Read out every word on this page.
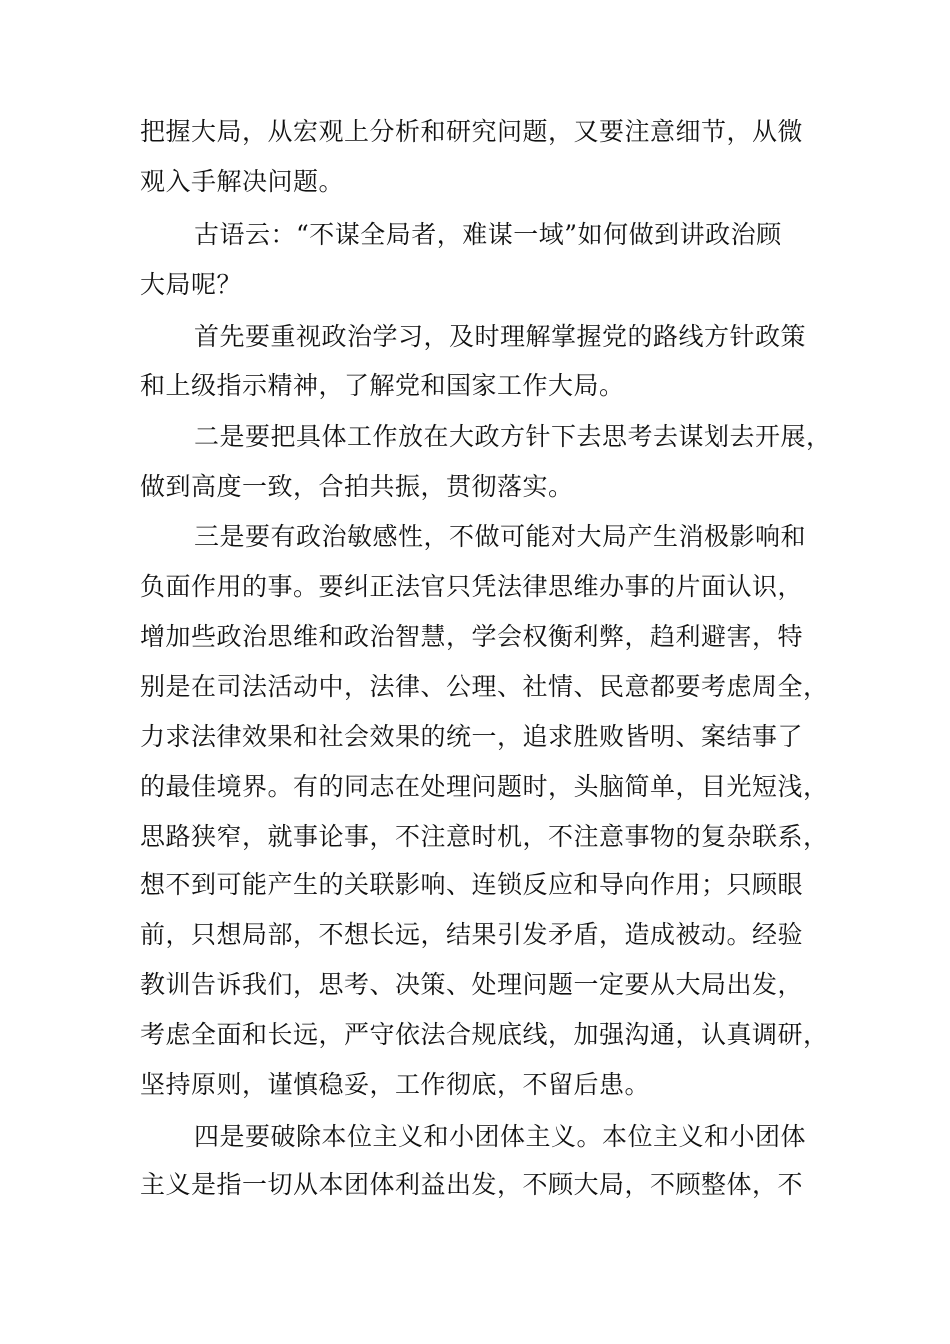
把握大局，从宏观上分析和研究问题，又要注意细节，从微
观入手解决问题。
古语云：“不谋全局者，难谋一域”如何做到讲政治顾
大局呢？
首先要重视政治学习，及时理解掌握党的路线方针政策
和上级指示精神，了解党和国家工作大局。
二是要把具体工作放在大政方针下去思考去谋划去开展，
做到高度一致，合拍共振，贯彻落实。
三是要有政治敏感性，不做可能对大局产生消极影响和
负面作用的事。要纠正法官只凭法律思维办事的片面认识，
增加些政治思维和政治智慧，学会权衡利弊，趋利避害，特
别是在司法活动中，法律、公理、社情、民意都要考虑周全，
力求法律效果和社会效果的统一，追求胜败皆明、案结事了
的最佳境界。有的同志在处理问题时，头脑简单，目光短浅，
思路狭窄，就事论事，不注意时机，不注意事物的复杂联系，
想不到可能产生的关联影响、连锁反应和导向作用；只顾眼
前，只想局部，不想长远，结果引发矛盾，造成被动。经验
教训告诉我们，思考、决策、处理问题一定要从大局出发，
考虑全面和长远，严守依法合规底线，加强沟通，认真调研，
坚持原则，谨慎稳妥，工作彻底，不留后患。
四是要破除本位主义和小团体主义。本位主义和小团体
主义是指一切从本团体利益出发，不顾大局，不顾整体，不
